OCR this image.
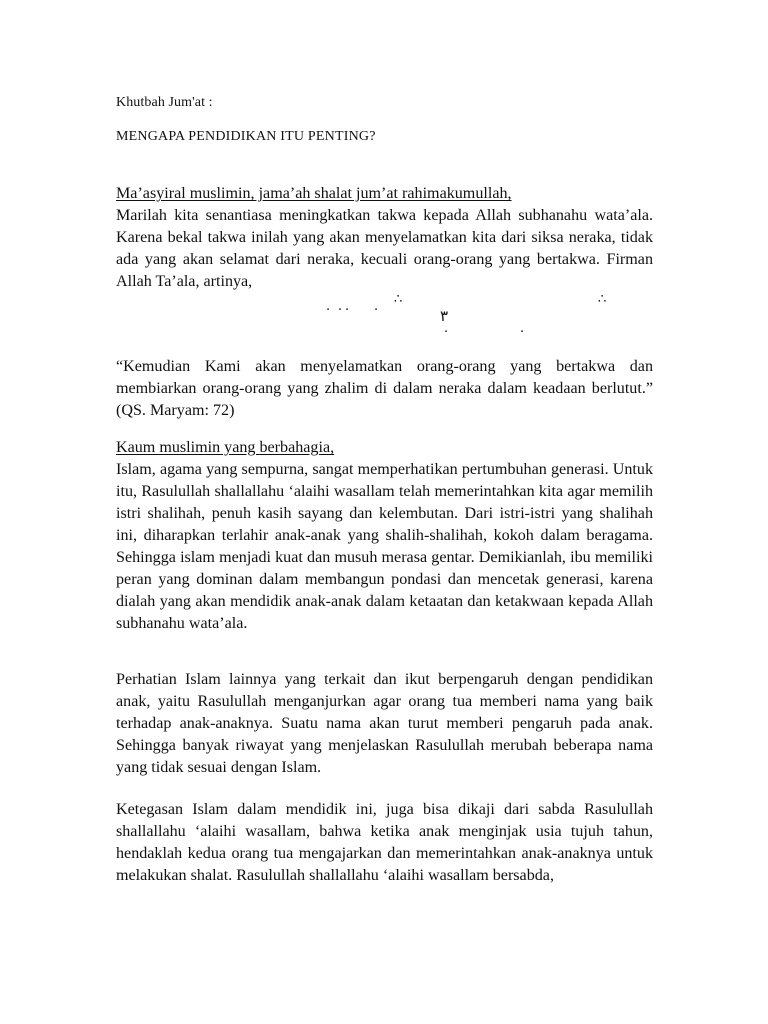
Khutbah Jum'at :
MENGAPA PENDIDIKAN ITU PENTING?

Ma’asyiral muslimin, jama’ah shalat jum’at rahimakumullah,

Marilah kita senantiasa meningkatkan takwa kepada Allah subhanahu wata’ala. Karena bekal takwa inilah yang akan menyelamatkan kita dari siksa neraka, tidak ada yang akan selamat dari neraka, kecuali orang-orang yang bertakwa. Firman Allah Ta’ala, artinya,

. . . . ∴	∴
٣
.	.

“Kemudian Kami akan menyelamatkan orang-orang yang bertakwa dan membiarkan orang-orang yang zhalim di dalam neraka dalam keadaan berlutut.” (QS. Maryam: 72)

Kaum muslimin yang berbahagia,

Islam, agama yang sempurna, sangat memperhatikan pertumbuhan generasi. Untuk itu, Rasulullah shallallahu ‘alaihi wasallam telah memerintahkan kita agar memilih istri shalihah, penuh kasih sayang dan kelembutan. Dari istri-istri yang shalihah ini, diharapkan terlahir anak-anak yang shalih-shalihah, kokoh dalam beragama. Sehingga islam menjadi kuat dan musuh merasa gentar. Demikianlah, ibu memiliki peran yang dominan dalam membangun pondasi dan mencetak generasi, karena dialah yang akan mendidik anak-anak dalam ketaatan dan ketakwaan kepada Allah subhanahu wata’ala.

Perhatian Islam lainnya yang terkait dan ikut berpengaruh dengan pendidikan anak, yaitu Rasulullah menganjurkan agar orang tua memberi nama yang baik terhadap anak-anaknya. Suatu nama akan turut memberi pengaruh pada anak. Sehingga banyak riwayat yang menjelaskan Rasulullah merubah beberapa nama yang tidak sesuai dengan Islam.

Ketegasan Islam dalam mendidik ini, juga bisa dikaji dari sabda Rasulullah shallallahu ‘alaihi wasallam, bahwa ketika anak menginjak usia tujuh tahun, hendaklah kedua orang tua mengajarkan dan memerintahkan anak-anaknya untuk melakukan shalat. Rasulullah shallallahu ‘alaihi wasallam bersabda,
